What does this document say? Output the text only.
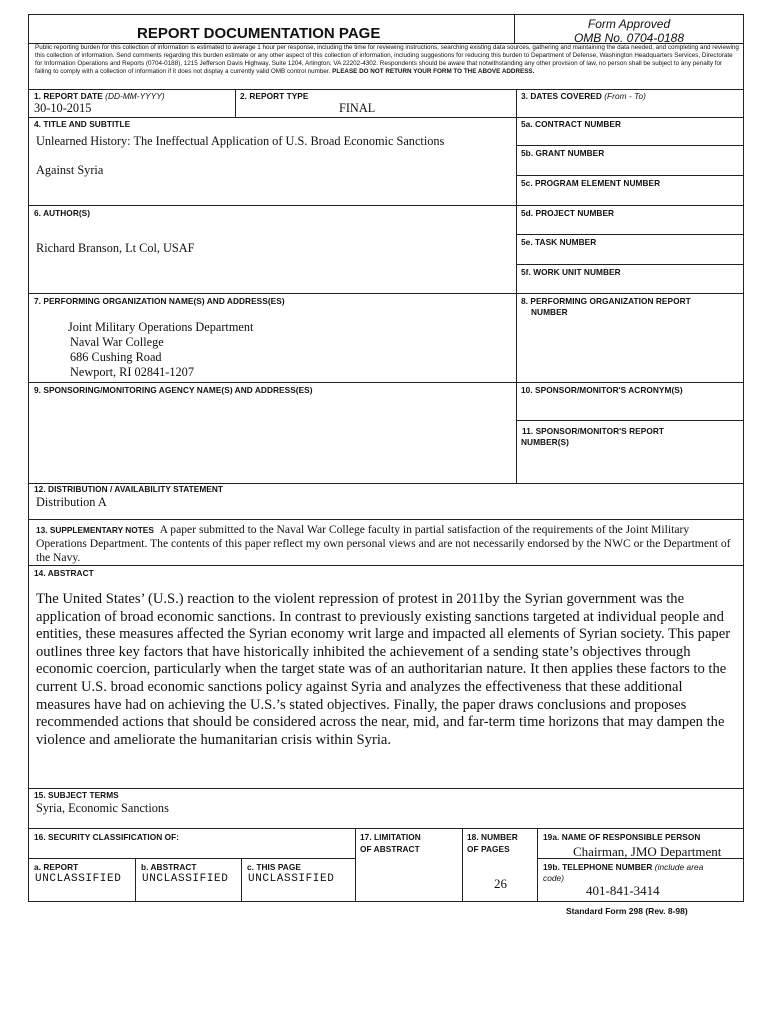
REPORT DOCUMENTATION PAGE
Form Approved
OMB No. 0704-0188
Public reporting burden for this collection of information is estimated to average 1 hour per response, including the time for reviewing instructions, searching existing data sources, gathering and maintaining the data needed, and completing and reviewing this collection of information. Send comments regarding this burden estimate or any other aspect of this collection of information, including suggestions for reducing this burden to Department of Defense, Washington Headquarters Services, Directorate for Information Operations and Reports (0704-0188), 1215 Jefferson Davis Highway, Suite 1204, Arlington, VA 22202-4302. Respondents should be aware that notwithstanding any other provision of law, no person shall be subject to any penalty for failing to comply with a collection of information if it does not display a currently valid OMB control number. PLEASE DO NOT RETURN YOUR FORM TO THE ABOVE ADDRESS.
1. REPORT DATE (DD-MM-YYYY)
30-10-2015
2. REPORT TYPE
FINAL
3. DATES COVERED (From - To)
4. TITLE AND SUBTITLE
Unlearned History: The Ineffectual Application of U.S. Broad Economic Sanctions
Against Syria
5a. CONTRACT NUMBER
5b. GRANT NUMBER
5c. PROGRAM ELEMENT NUMBER
6. AUTHOR(S)
Richard Branson, Lt Col, USAF
5d. PROJECT NUMBER
5e. TASK NUMBER
5f. WORK UNIT NUMBER
7. PERFORMING ORGANIZATION NAME(S) AND ADDRESS(ES)
Joint Military Operations Department
Naval War College
686 Cushing Road
Newport, RI 02841-1207
8. PERFORMING ORGANIZATION REPORT
NUMBER
9. SPONSORING/MONITORING AGENCY NAME(S) AND ADDRESS(ES)	10. SPONSOR/MONITOR'S ACRONYM(S)
11. SPONSOR/MONITOR'S REPORT
NUMBER(S)
12. DISTRIBUTION / AVAILABILITY STATEMENT
Distribution A
13. SUPPLEMENTARY NOTES A paper submitted to the Naval War College faculty in partial satisfaction of the requirements of the Joint Military Operations Department. The contents of this paper reflect my own personal views and are not necessarily endorsed by the NWC or the Department of the Navy.
14. ABSTRACT
The United States’ (U.S.) reaction to the violent repression of protest in 2011by the Syrian government was the application of broad economic sanctions. In contrast to previously existing sanctions targeted at individual people and entities, these measures affected the Syrian economy writ large and impacted all elements of Syrian society. This paper outlines three key factors that have historically inhibited the achievement of a sending state’s objectives through economic coercion, particularly when the target state was of an authoritarian nature. It then applies these factors to the current U.S. broad economic sanctions policy against Syria and analyzes the effectiveness that these additional measures have had on achieving the U.S.’s stated objectives. Finally, the paper draws conclusions and proposes recommended actions that should be considered across the near, mid, and far-term time horizons that may dampen the violence and ameliorate the humanitarian crisis within Syria.
15. SUBJECT TERMS
Syria, Economic Sanctions
16. SECURITY CLASSIFICATION OF:	17. LIMITATION
OF ABSTRACT
18. NUMBER
OF PAGES
26
19a. NAME OF RESPONSIBLE PERSON
Chairman, JMO Department
19b. TELEPHONE NUMBER (include area
code)
401-841-3414
a. REPORT
UNCLASSIFIED
b. ABSTRACT
UNCLASSIFIED
c. THIS PAGE
UNCLASSIFIED
Standard Form 298 (Rev. 8-98)
